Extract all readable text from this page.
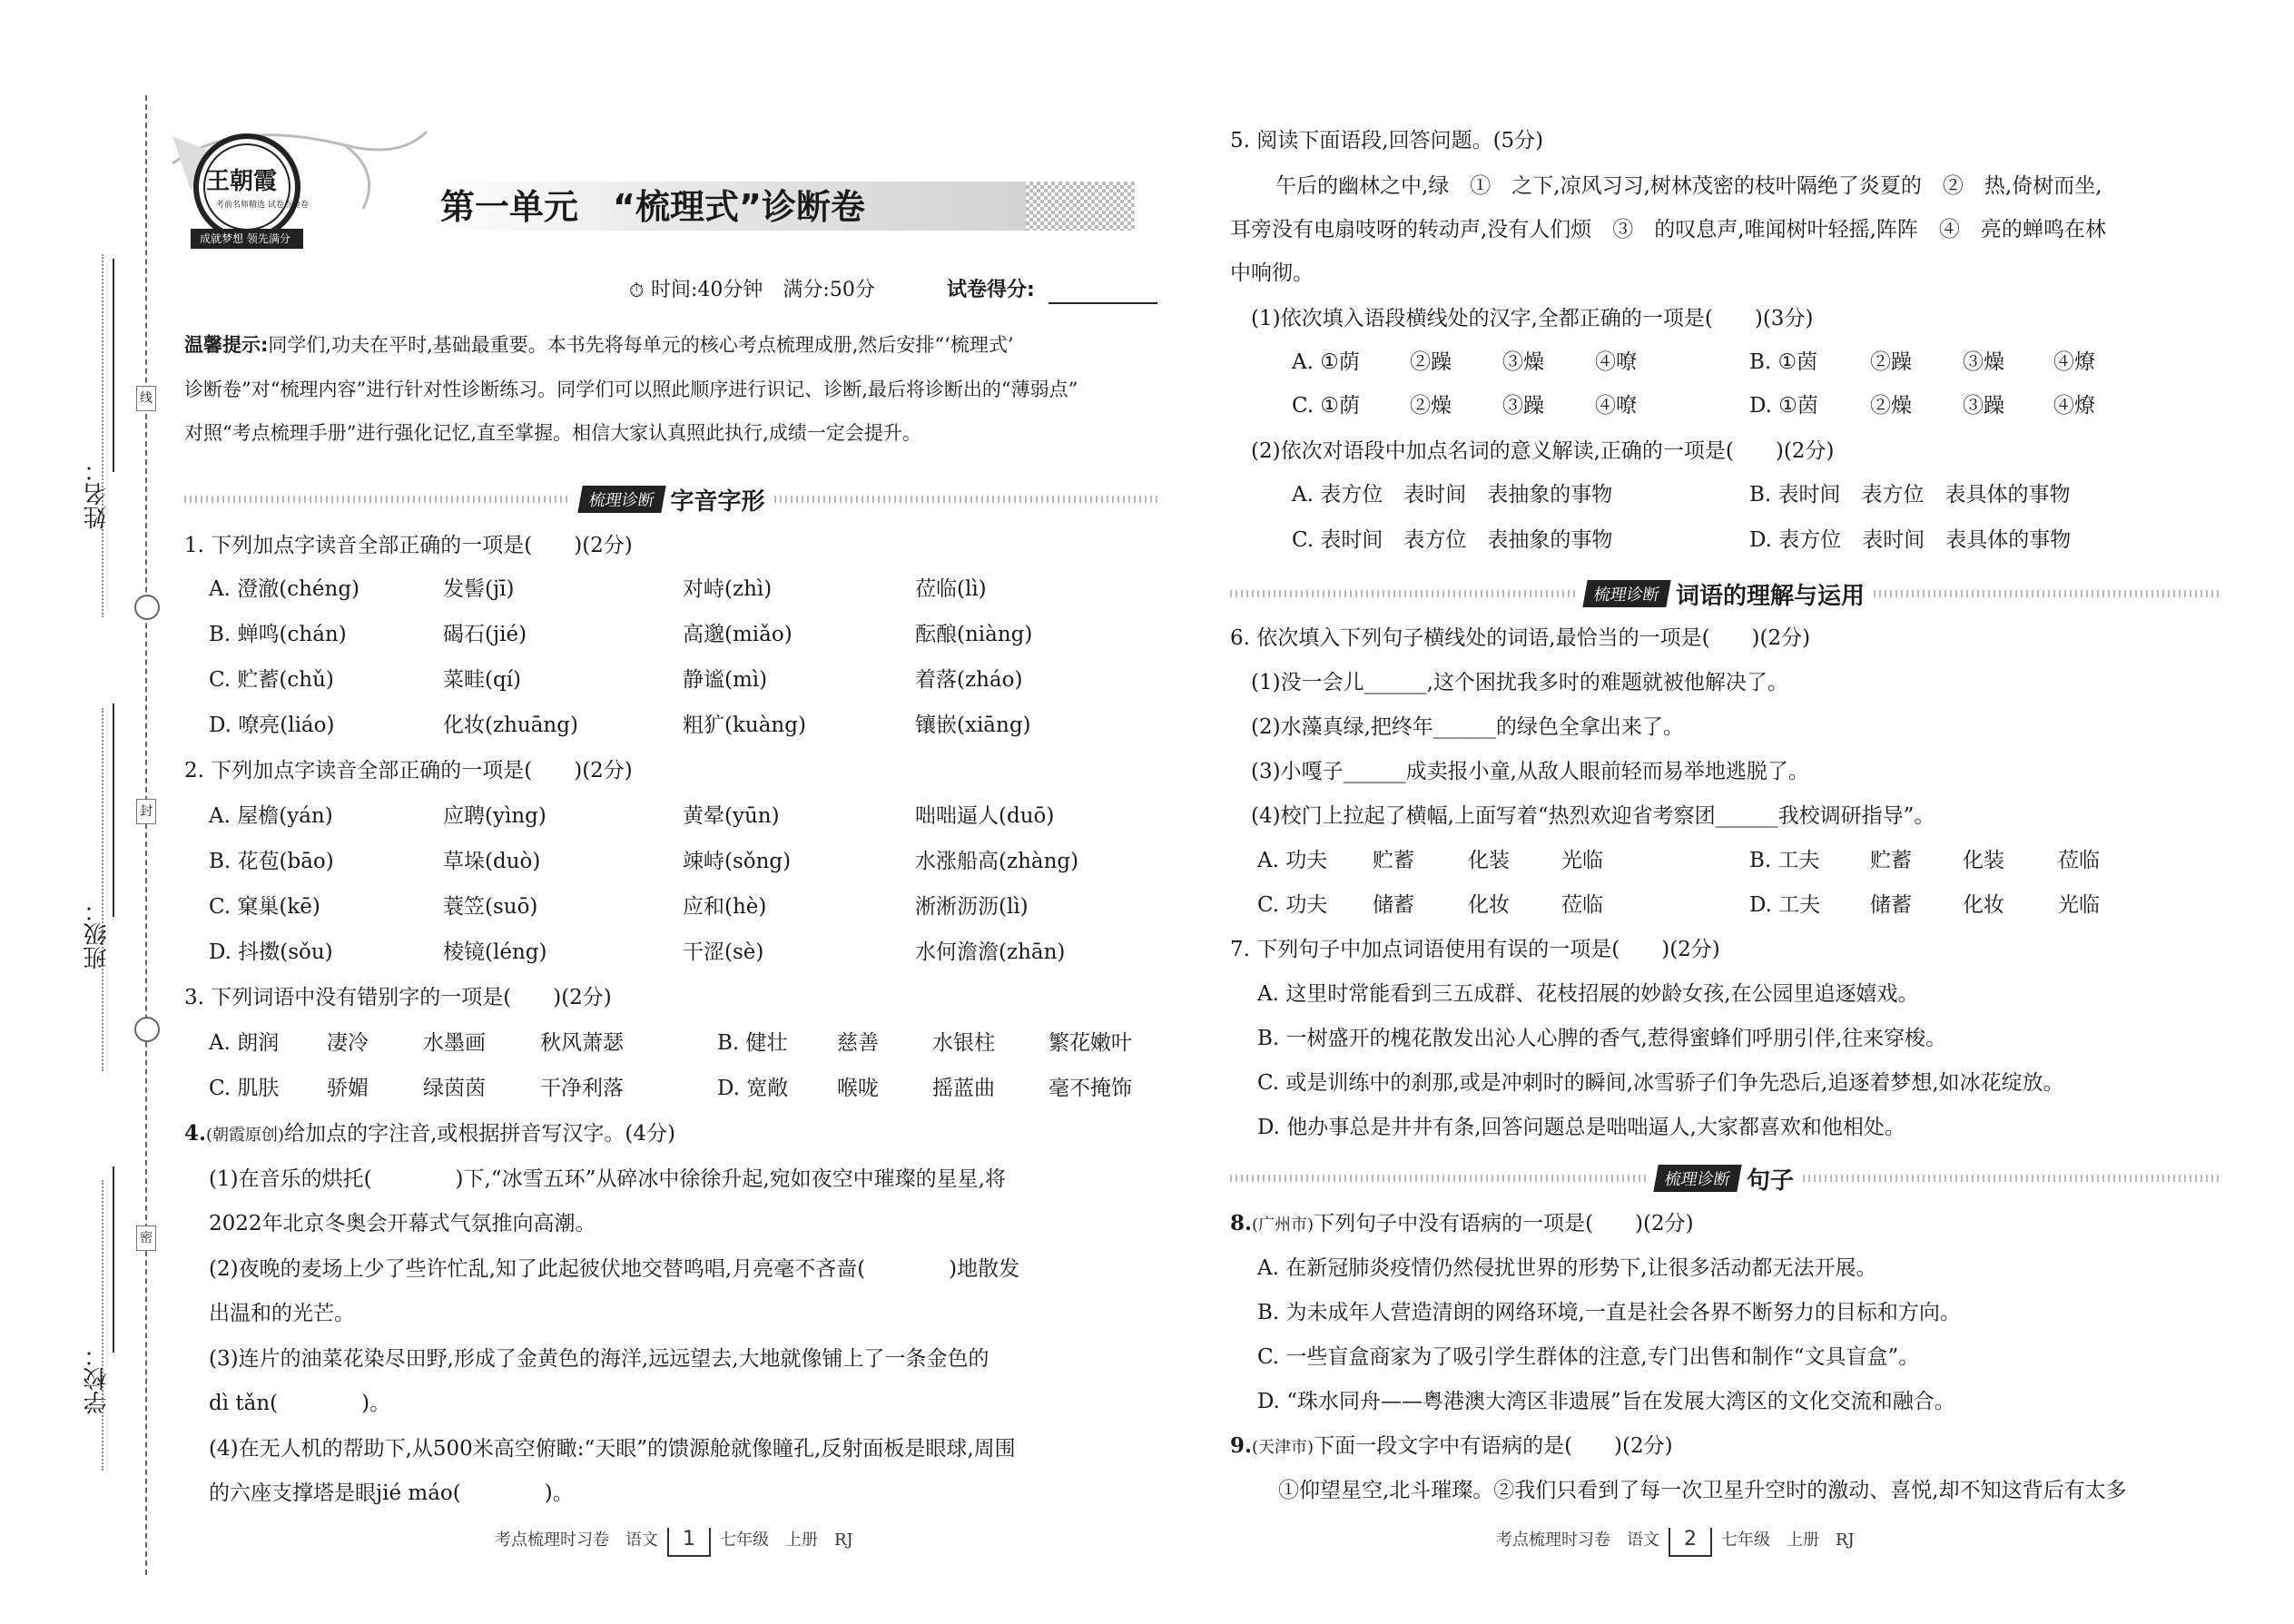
姓名：
班级：
学校：
线
封
密
王朝霞
考前名师精选 试卷点金卷
成就梦想 领先满分
第一单元　“梳理式”诊断卷
⏱ 时间:40分钟　满分:50分	试卷得分:
温馨提示:同学们,功夫在平时,基础最重要。本书先将每单元的核心考点梳理成册,然后安排“‘梳理式’
诊断卷”对“梳理内容”进行针对性诊断练习。同学们可以照此顺序进行识记、诊断,最后将诊断出的“薄弱点”
对照“考点梳理手册”进行强化记忆,直至掌握。相信大家认真照此执行,成绩一定会提升。
梳理诊断 字音字形
1. 下列加点字读音全部正确的一项是(　　)(2分)
A. 澄澈(chéng)	发髻(jī)	对峙(zhì)	莅临(lì)
B. 蝉鸣(chán)	碣石(jié)	高邈(miǎo)	酝酿(niàng)
C. 贮蓄(chǔ)	菜畦(qí)	静谧(mì)	着落(zháo)
D. 嘹亮(liáo)	化妆(zhuāng)	粗犷(kuàng)	镶嵌(xiāng)
2. 下列加点字读音全部正确的一项是(　　)(2分)
A. 屋檐(yán)	应聘(yìng)	黄晕(yūn)	咄咄逼人(duō)
B. 花苞(bāo)	草垛(duò)	竦峙(sǒng)	水涨船高(zhàng)
C. 窠巢(kē)	蓑笠(suō)	应和(hè)	淅淅沥沥(lì)
D. 抖擞(sǒu)	棱镜(léng)	干涩(sè)	水何澹澹(zhān)
3. 下列词语中没有错别字的一项是(　　)(2分)
A. 朗润 凄冷	水墨画	秋风萧瑟	B. 健壮 慈善	水银柱	繁花嫩叶
C. 肌肤 骄媚	绿茵茵	干净利落	D. 宽敞 喉咙	摇蓝曲	毫不掩饰
4.(朝霞原创)给加点的字注音,或根据拼音写汉字。(4分)
(1)在音乐的烘托(　　　　)下,“冰雪五环”从碎冰中徐徐升起,宛如夜空中璀璨的星星,将
2022年北京冬奥会开幕式气氛推向高潮。
(2)夜晚的麦场上少了些许忙乱,知了此起彼伏地交替鸣唱,月亮毫不吝啬(　　　　)地散发
出温和的光芒。
(3)连片的油菜花染尽田野,形成了金黄色的海洋,远远望去,大地就像铺上了一条金色的
dì tǎn(　　　　)。
(4)在无人机的帮助下,从500米高空俯瞰:“天眼”的馈源舱就像瞳孔,反射面板是眼球,周围
的六座支撑塔是眼jié máo(　　　　)。
考点梳理时习卷　语文 1 七年级　上册　RJ
5. 阅读下面语段,回答问题。(5分)
午后的幽林之中,绿　①　之下,凉风习习,树林茂密的枝叶隔绝了炎夏的　②　热,倚树而坐,
耳旁没有电扇吱呀的转动声,没有人们烦　③　的叹息声,唯闻树叶轻摇,阵阵　④　亮的蝉鸣在林
中响彻。
(1)依次填入语段横线处的汉字,全都正确的一项是(　　)(3分)
A. ①荫 ②躁 ③燥 ④嘹	B. ①茵	②躁 ③燥 ④燎
C. ①荫 ②燥 ③躁 ④嘹	D. ①茵 ②燥 ③躁 ④燎
(2)依次对语段中加点名词的意义解读,正确的一项是(　　)(2分)
A. 表方位　表时间　表抽象的事物	B. 表时间　表方位　表具体的事物
C. 表时间　表方位　表抽象的事物	D. 表方位　表时间　表具体的事物
梳理诊断 词语的理解与运用
6. 依次填入下列句子横线处的词语,最恰当的一项是(　　)(2分)
(1)没一会儿______,这个困扰我多时的难题就被他解决了。
(2)水藻真绿,把终年______的绿色全拿出来了。
(3)小嘎子______成卖报小童,从敌人眼前轻而易举地逃脱了。
(4)校门上拉起了横幅,上面写着“热烈欢迎省考察团______我校调研指导”。
A. 功夫 贮蓄	化装 光临	B. 工夫 贮蓄 化装	莅临
C. 功夫 储蓄	化妆 莅临	D. 工夫 储蓄 化妆	光临
7. 下列句子中加点词语使用有误的一项是(　　)(2分)
A. 这里时常能看到三五成群、花枝招展的妙龄女孩,在公园里追逐嬉戏。
B. 一树盛开的槐花散发出沁人心脾的香气,惹得蜜蜂们呼朋引伴,往来穿梭。
C. 或是训练中的刹那,或是冲刺时的瞬间,冰雪骄子们争先恐后,追逐着梦想,如冰花绽放。
D. 他办事总是井井有条,回答问题总是咄咄逼人,大家都喜欢和他相处。
梳理诊断 句子
8.(广州市)下列句子中没有语病的一项是(　　)(2分)
A. 在新冠肺炎疫情仍然侵扰世界的形势下,让很多活动都无法开展。
B. 为未成年人营造清朗的网络环境,一直是社会各界不断努力的目标和方向。
C. 一些盲盒商家为了吸引学生群体的注意,专门出售和制作“文具盲盒”。
D. “珠水同舟——粤港澳大湾区非遗展”旨在发展大湾区的文化交流和融合。
9.(天津市)下面一段文字中有语病的是(　　)(2分)
①仰望星空,北斗璀璨。②我们只看到了每一次卫星升空时的激动、喜悦,却不知这背后有太多
考点梳理时习卷　语文 2 七年级　上册　RJ
